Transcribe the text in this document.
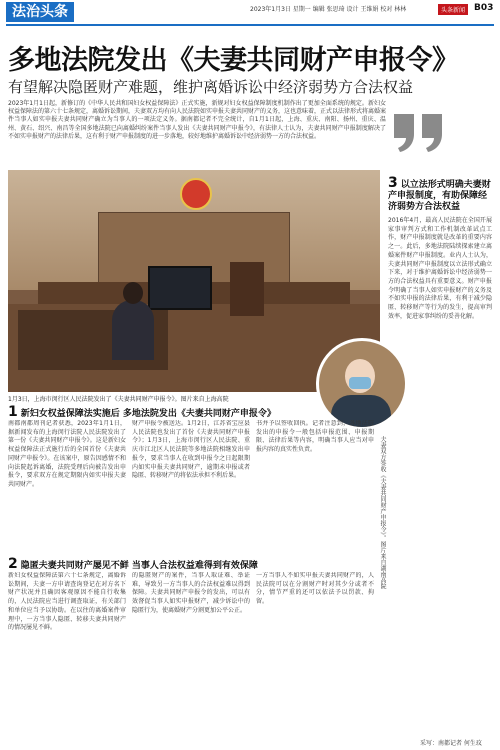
法治头条	2023年1月3日 星期一 编辑 张思琦 设计 王维娟 校对 林林	头条新闻 B03
多地法院发出《夫妻共同财产申报令》
有望解决隐匿财产难题，维护离婚诉讼中经济弱势方合法权益
2023年1月1日起，新修订的《中华人民共和国妇女权益保障法》正式实施，新规对妇女权益保障制度机制作出了更加全面系统的规定。新妇女权益保障法的第六十七条规定，离婚诉讼期间，夫妻双方均有向人民法院如实申报夫妻共同财产的义务，这也意味着，正式以法律形式将离婚案件当事人如实申报夫妻共同财产确立为当事人的一项法定义务。据南都记者不完全统计，自1月1日起，上海、重庆、南阳、扬州、重庆、温州、黄石、绍兴、南昌等全国多地法院已向离婚纠纷案件当事人发出《夫妻共同财产申报令》，有法律人士认为，夫妻共同财产申报制度解决了不如实申报财产的法律后果，这有利于财产申报制度的进一步落地，较好地维护离婚诉讼中经济弱势一方的合法权益。
1月3日，上海市闵行区人民法院发出了《夫妻共同财产申报令》。图片来自上海高院
夫妻双方签收《夫妻共同财产申报令》。图片来自湖南高院
1 新妇女权益保障法实施后 多地法院发出《夫妻共同财产申报令》
南都南都周刊记者获悉，2023年1月1日，据新闻发布的上海闵行法院人民法院发出了第一份《夫妻共同财产申报令》。这是新妇女权益保障法正式施行后的全国首份《夫妻共同财产申报令》。在该案中，原告因感情不和向法院起诉离婚，法院受理后向被告发出申报令，要求双方在规定期限内如实申报夫妻共同财产。
财产申报令被送达。1月2日，江苏省宝应县人民法院也发出了首份《夫妻共同财产申报令》；1月3日，上海市闵行区人民法院、重庆市江北区人民法院等多地法院相继发出申报令，要求当事人在收到申报令之日起限期内如实申报夫妻共同财产，逾期未申报或者隐匿、转移财产的将依法承担不利后果。
书并予以签收回执。记者注意到，各地法院发出的申报令一般包括申报范围、申报期限、法律后果等内容，明确当事人应当对申报内容的真实性负责。
2 隐匿夫妻共同财产屡见不鲜 当事人合法权益难得到有效保障
新妇女权益保障法第六十七条规定，离婚诉讼期间，夫妻一方申请查询登记在对方名下财产状况并且确因客观原因不能自行收集的，人民法院应当进行调查取证，有关部门和单位应当予以协助。在以往的离婚案件审理中，一方当事人隐匿、转移夫妻共同财产的情况屡见不鲜。
的隐匿财产的案件，当事人取证难、举证难，导致另一方当事人的合法权益难以得到保障。夫妻共同财产申报令的发出，可以有效督促当事人如实申报财产，减少诉讼中的隐匿行为，使离婚财产分割更加公平公正。
一方当事人不如实申报夫妻共同财产的，人民法院可以在分割财产时对其少分或者不分，情节严重的还可以依法予以罚款、拘留。
3 以立法形式明确夫妻财产申报制度，有助保障经济弱势方合法权益
2016年4月，最高人民法院在全国开展家事审判方式和工作机制改革试点工作，财产申报制度就是改革的重要内容之一。此后，多地法院陆续探索建立离婚案件财产申报制度。业内人士认为，夫妻共同财产申报制度以立法形式确立下来，对于维护离婚诉讼中经济弱势一方的合法权益具有重要意义。财产申报令明确了当事人如实申报财产的义务及不如实申报的法律后果，有利于减少隐匿、转移财产等行为的发生，提高审判效率，促进家事纠纷的妥善化解。
采写：南都记者 何生玟
